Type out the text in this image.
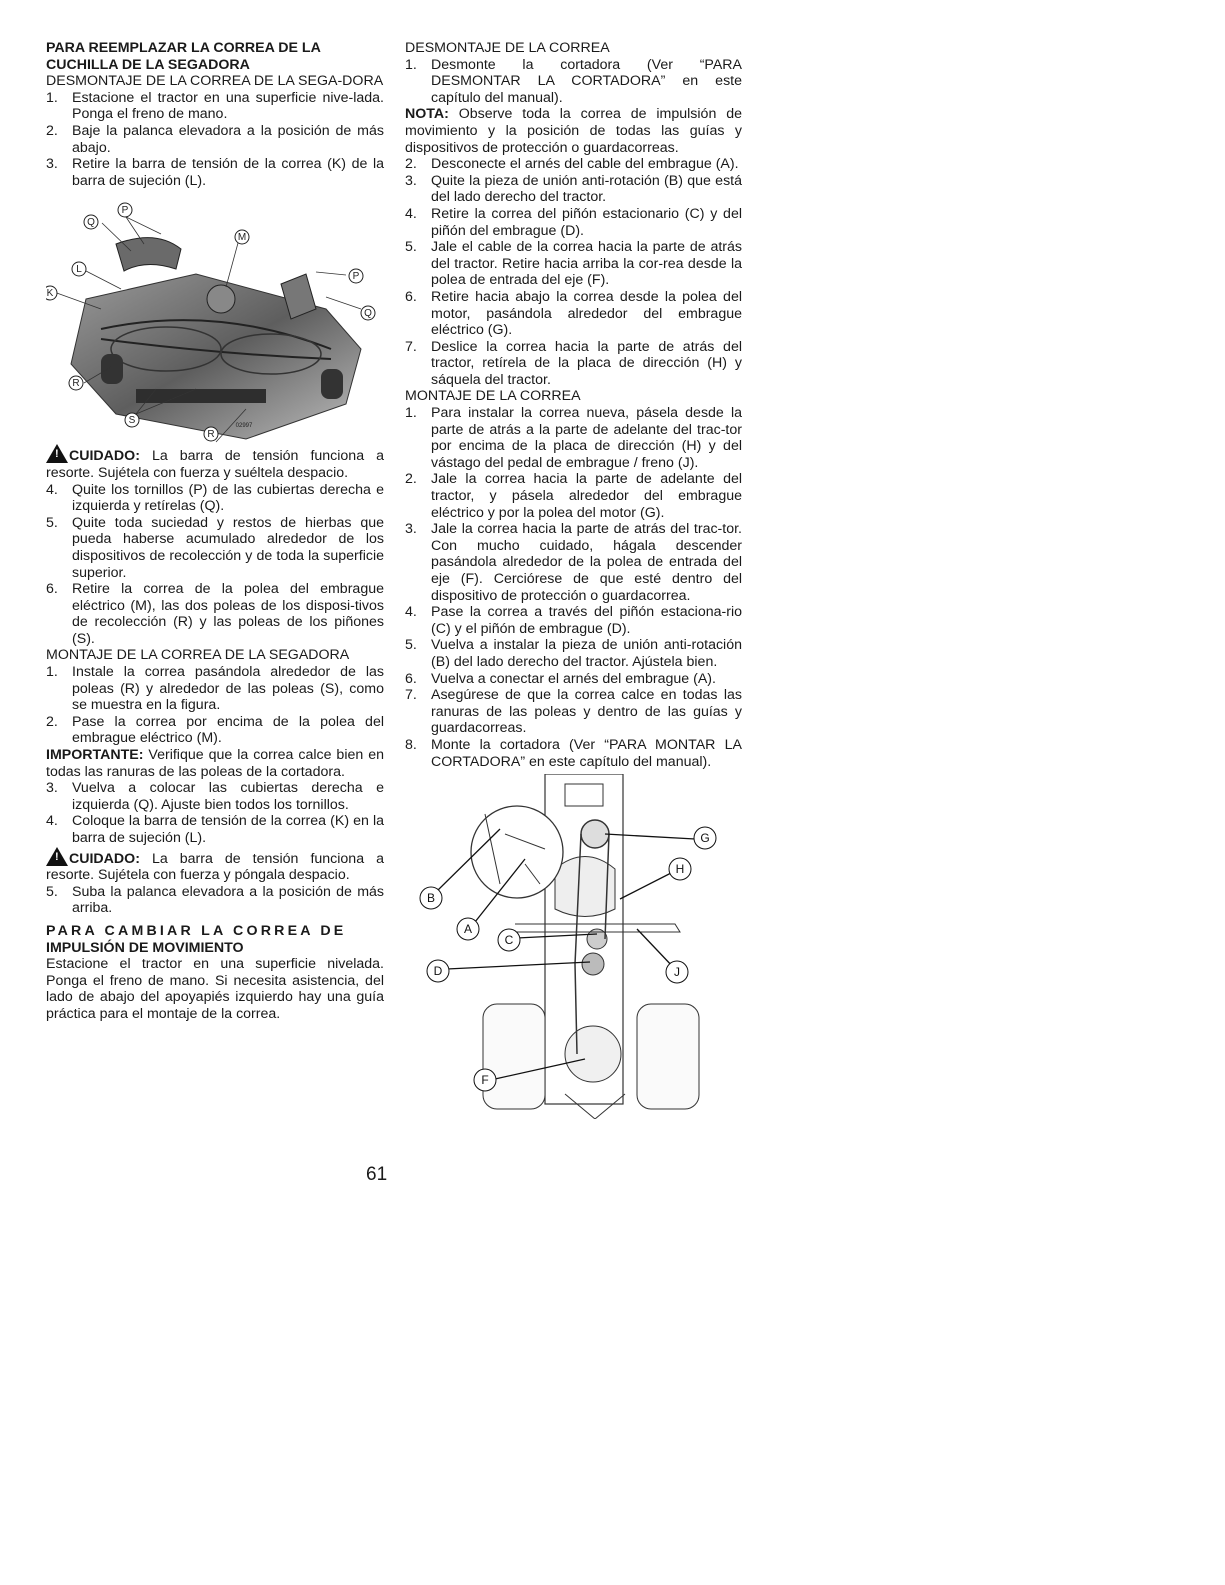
PARA REEMPLAZAR LA CORREA DE LA CUCHILLA DE LA SEGADORA

DESMONTAJE DE LA CORREA DE LA SEGA-DORA

1. Estacione el tractor en una superficie nive-lada. Ponga el freno de mano.
2. Baje la palanca elevadora a la posición de más abajo.
3. Retire la barra de tensión de la correa (K) de la barra de sujeción (L).
Q
P
L
M
P
K
Q
R
S
R
02997

!CUIDADO: La barra de tensión funciona a resorte. Sujétela con fuerza y suéltela despacio.

4. Quite los tornillos (P) de las cubiertas derecha e izquierda y retírelas (Q).
5. Quite toda suciedad y restos de hierbas que pueda haberse acumulado alrededor de los dispositivos de recolección y de toda la superficie superior.
6. Retire la correa de la polea del embrague eléctrico (M), las dos poleas de los disposi-tivos de recolección (R) y las poleas de los piñones (S).

MONTAJE DE LA CORREA DE LA SEGADORA

1. Instale la correa pasándola alrededor de las poleas (R) y alrededor de las poleas (S), como se muestra en la figura.
2. Pase la correa por encima de la polea del embrague eléctrico (M).

IMPORTANTE: Verifique que la correa calce bien en todas las ranuras de las poleas de la cortadora.

3. Vuelva a colocar las cubiertas derecha e izquierda (Q). Ajuste bien todos los tornillos.
4. Coloque la barra de tensión de la correa (K) en la barra de sujeción (L).

!CUIDADO: La barra de tensión funciona a resorte. Sujétela con fuerza y póngala despacio.

5. Suba la palanca elevadora a la posición de más arriba.

PARA CAMBIAR LA CORREA DE

IMPULSIÓN DE MOVIMIENTO

Estacione el tractor en una superficie nivelada. Ponga el freno de mano. Si necesita asistencia, del lado de abajo del apoyapiés izquierdo hay una guía práctica para el montaje de la correa.

DESMONTAJE DE LA CORREA

1. Desmonte la cortadora (Ver “PARA DESMONTAR LA CORTADORA” en este capítulo del manual).

NOTA: Observe toda la correa de impulsión de movimiento y la posición de todas las guías y dispositivos de protección o guardacorreas.

2. Desconecte el arnés del cable del embrague (A).
3. Quite la pieza de unión anti-rotación (B) que está del lado derecho del tractor.
4. Retire la correa del piñón estacionario (C) y del piñón del embrague (D).
5. Jale el cable de la correa hacia la parte de atrás del tractor. Retire hacia arriba la cor-rea desde la polea de entrada del eje (F).
6. Retire hacia abajo la correa desde la polea del motor, pasándola alrededor del embrague eléctrico (G).
7. Deslice la correa hacia la parte de atrás del tractor, retírela de la placa de dirección (H) y sáquela del tractor.

MONTAJE DE LA CORREA

1. Para instalar la correa nueva, pásela desde la parte de atrás a la parte de adelante del trac-tor por encima de la placa de dirección (H) y del vástago del pedal de embrague / freno (J).
2. Jale la correa hacia la parte de adelante del tractor, y pásela alrededor del embrague eléctrico y por la polea del motor (G).
3. Jale la correa hacia la parte de atrás del trac-tor. Con mucho cuidado, hágala descender pasándola alrededor de la polea de entrada del eje (F). Cerciórese de que esté dentro del dispositivo de protección o guardacorrea.
4. Pase la correa a través del piñón estaciona-rio (C) y el piñón de embrague (D).
5. Vuelva a instalar la pieza de unión anti-rotación (B) del lado derecho del tractor. Ajústela bien.
6. Vuelva a conectar el arnés del embrague (A).
7. Asegúrese de que la correa calce en todas las ranuras de las poleas y dentro de las guías y guardacorreas.
8. Monte la cortadora (Ver “PARA MONTAR LA CORTADORA” en este capítulo del manual).
G
H
B
A
C
D	J
F
61
